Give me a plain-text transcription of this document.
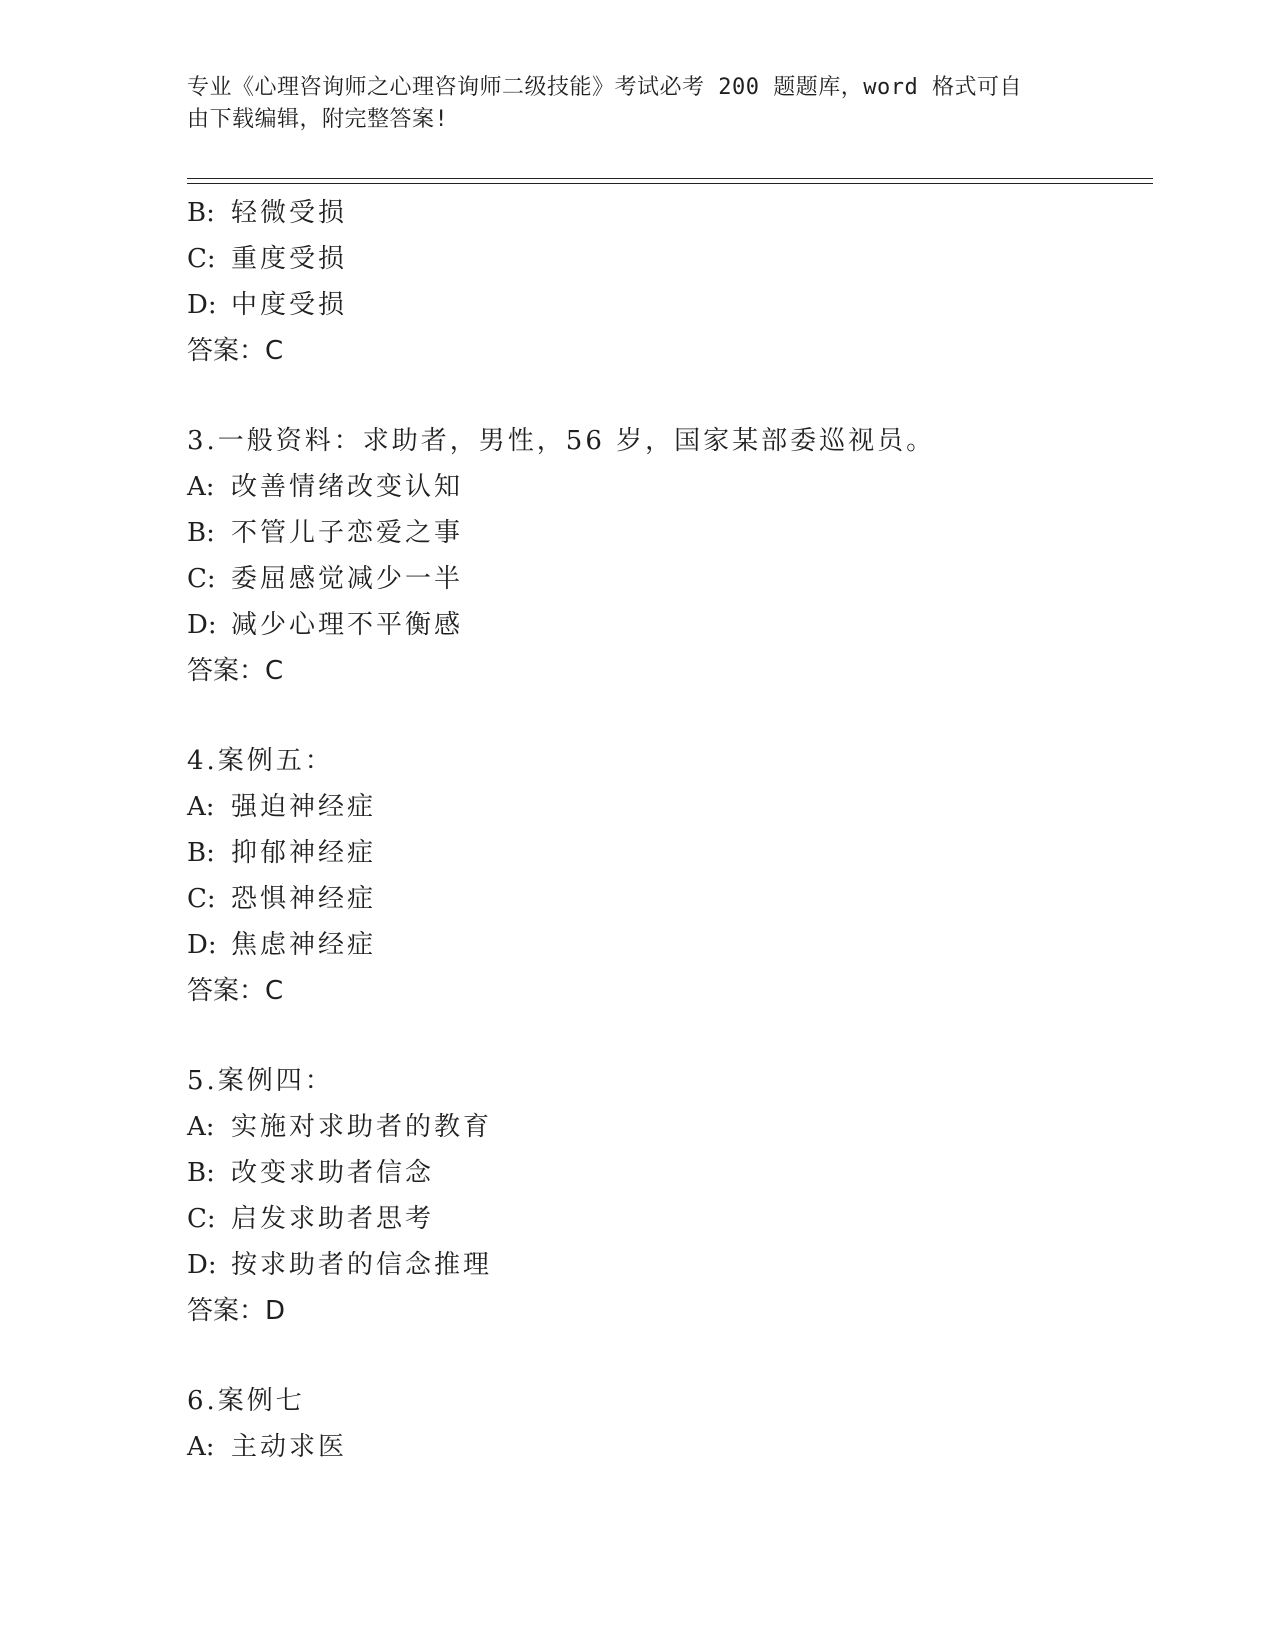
专业《心理咨询师之心理咨询师二级技能》考试必考 200 题题库，word 格式可自
由下载编辑，附完整答案!
B: 轻微受损
C: 重度受损
D: 中度受损
答案：C
3.一般资料：求助者，男性，56 岁，国家某部委巡视员。
A: 改善情绪改变认知
B: 不管儿子恋爱之事
C: 委屈感觉减少一半
D: 减少心理不平衡感
答案：C
4.案例五：
A: 强迫神经症
B: 抑郁神经症
C: 恐惧神经症
D: 焦虑神经症
答案：C
5.案例四：
A: 实施对求助者的教育
B: 改变求助者信念
C: 启发求助者思考
D: 按求助者的信念推理
答案：D
6.案例七
A: 主动求医
